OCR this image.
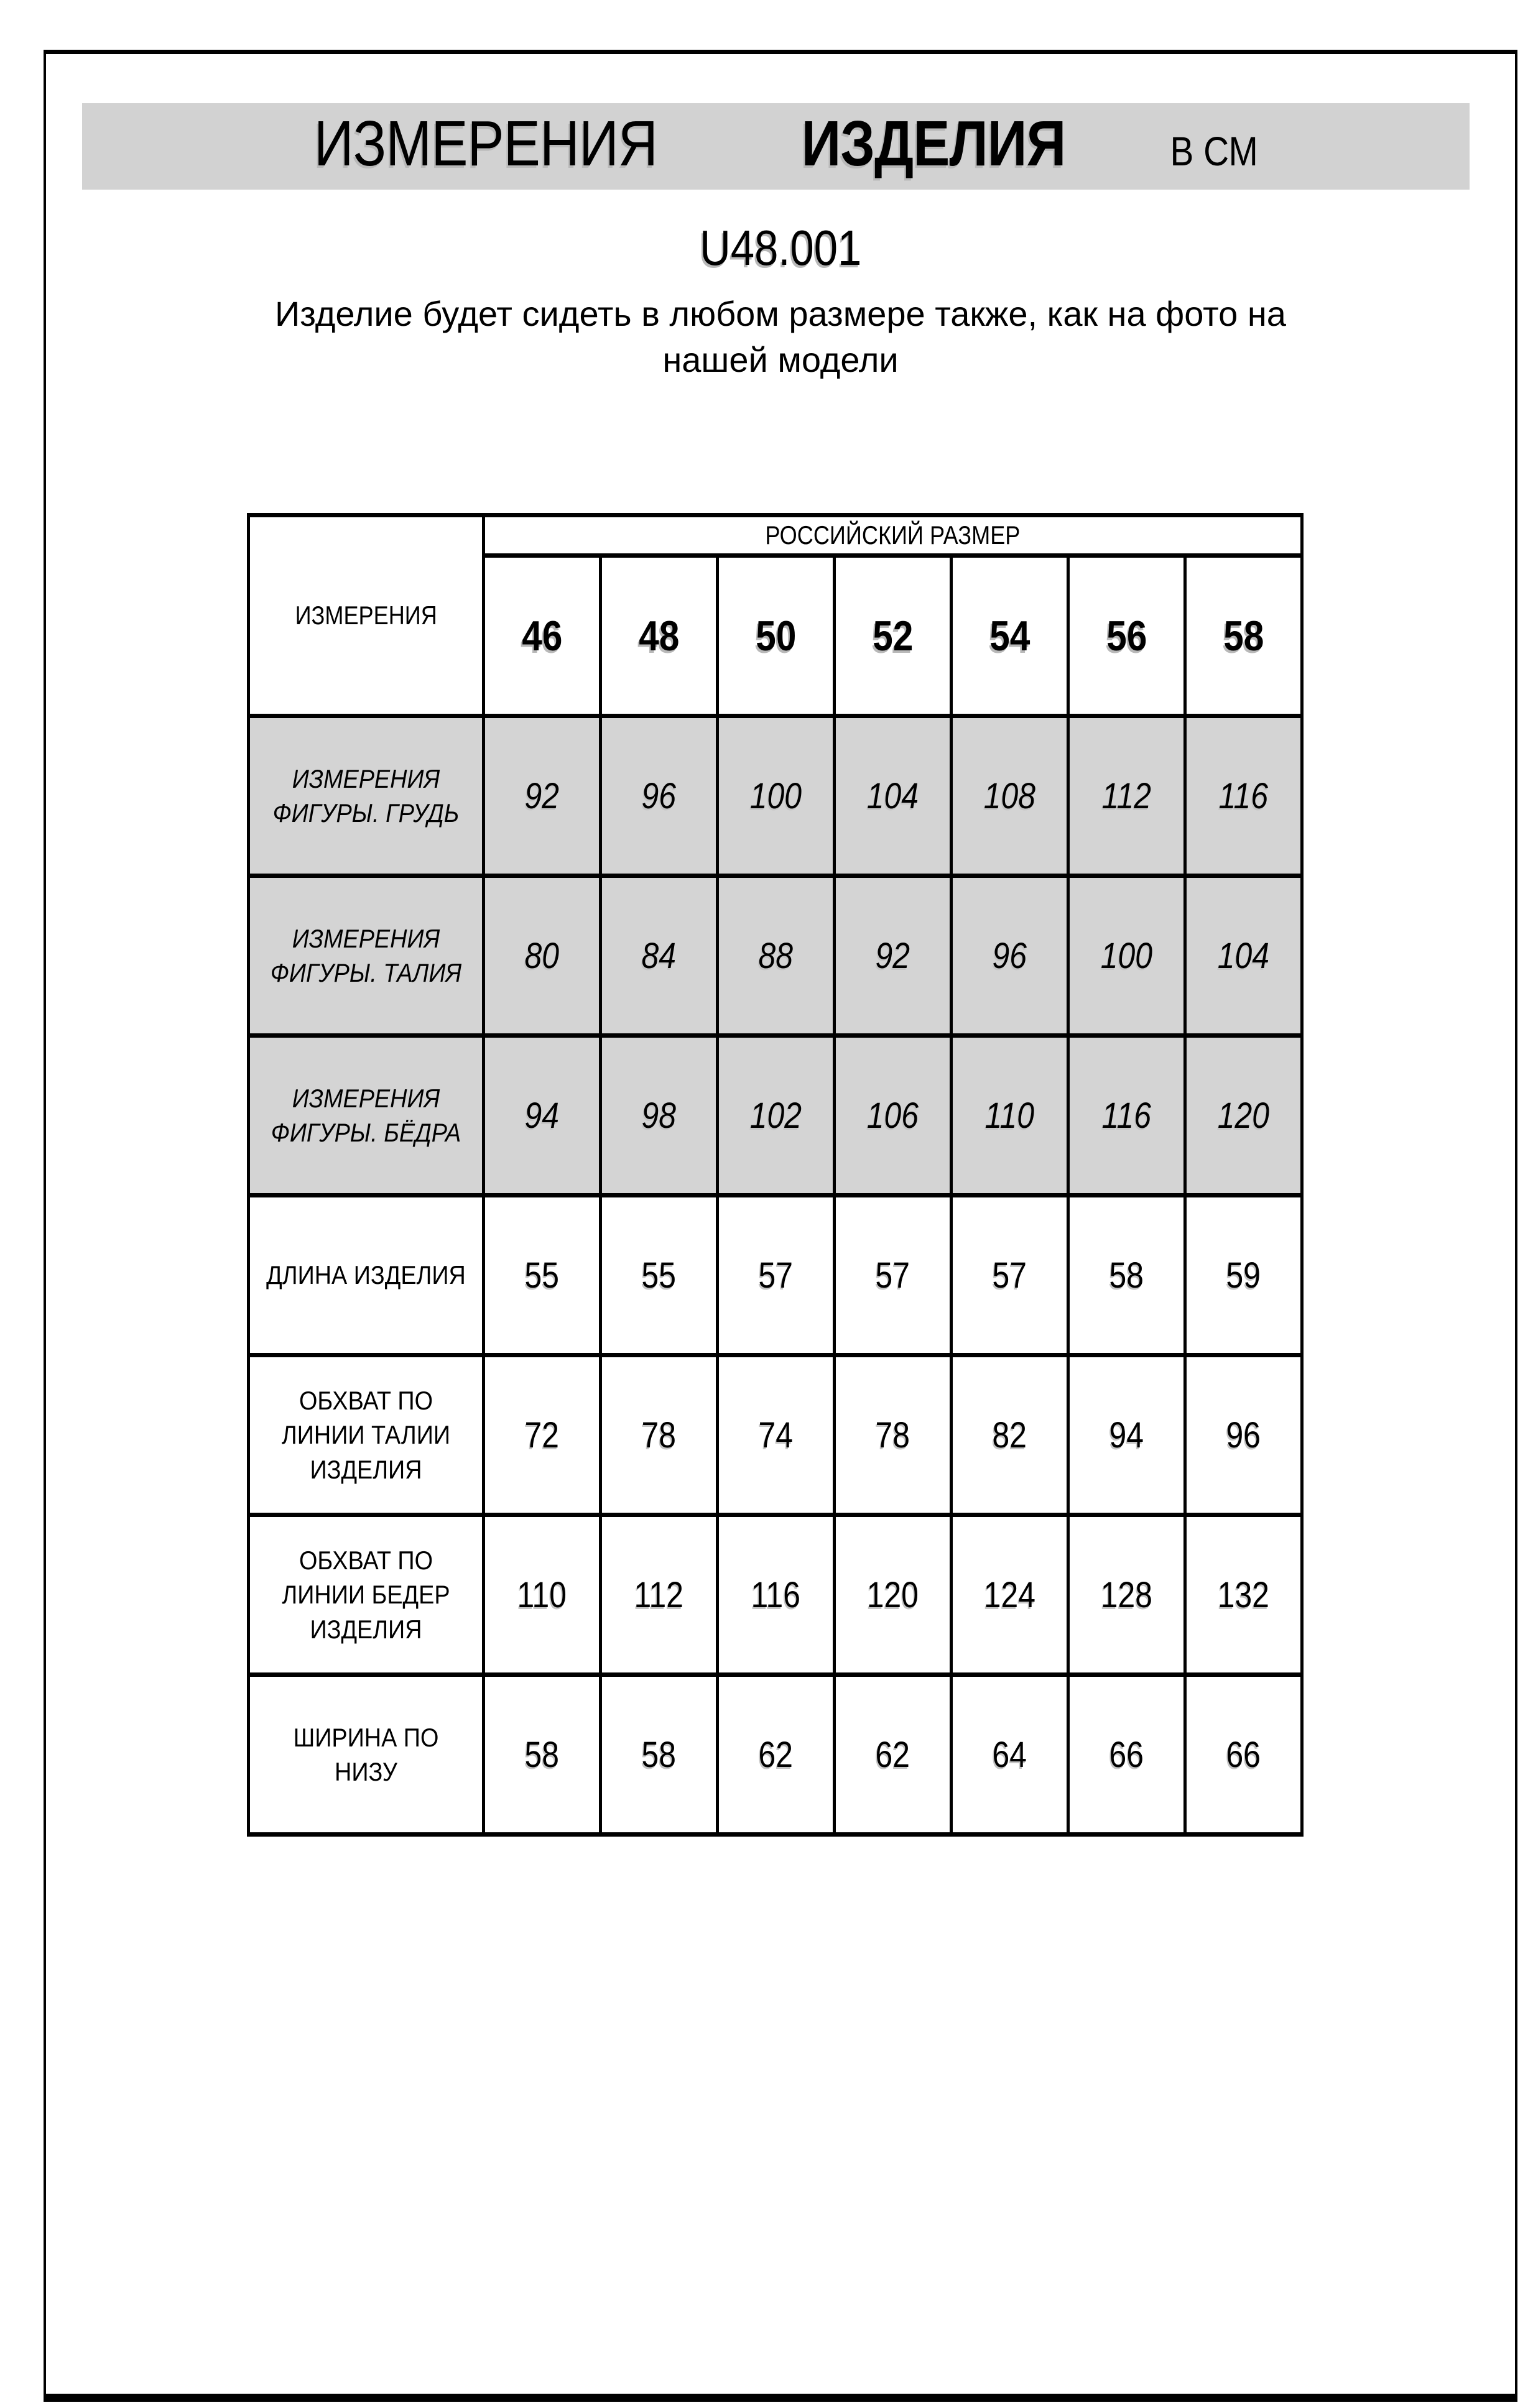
ИЗМЕРЕНИЯ ИЗДЕЛИЯ	В СМ
U48.001
Изделие будет сидеть в любом размере также, как на фото на
нашей модели
ИЗМЕРЕНИЯ	РОССИЙСКИЙ РАЗМЕР						
	46	48	50	52	54	56	58

ИЗМЕРЕНИЯ
ФИГУРЫ. ГРУДЬ	92	96	100	104	108	112	116

ИЗМЕРЕНИЯ
ФИГУРЫ. ТАЛИЯ	80	84	88	92	96	100	104

ИЗМЕРЕНИЯ
ФИГУРЫ. БЁДРА	94	98	102	106	110	116	120

ДЛИНА ИЗДЕЛИЯ	55	55	57	57	57	58	59

ОБХВАТ ПО
ЛИНИИ ТАЛИИ
ИЗДЕЛИЯ	72	78	74	78	82	94	96

ОБХВАТ ПО
ЛИНИИ БЕДЕР
ИЗДЕЛИЯ	110	112	116	120	124	128	132

ШИРИНА ПО
НИЗУ	58	58	62	62	64	66	66
